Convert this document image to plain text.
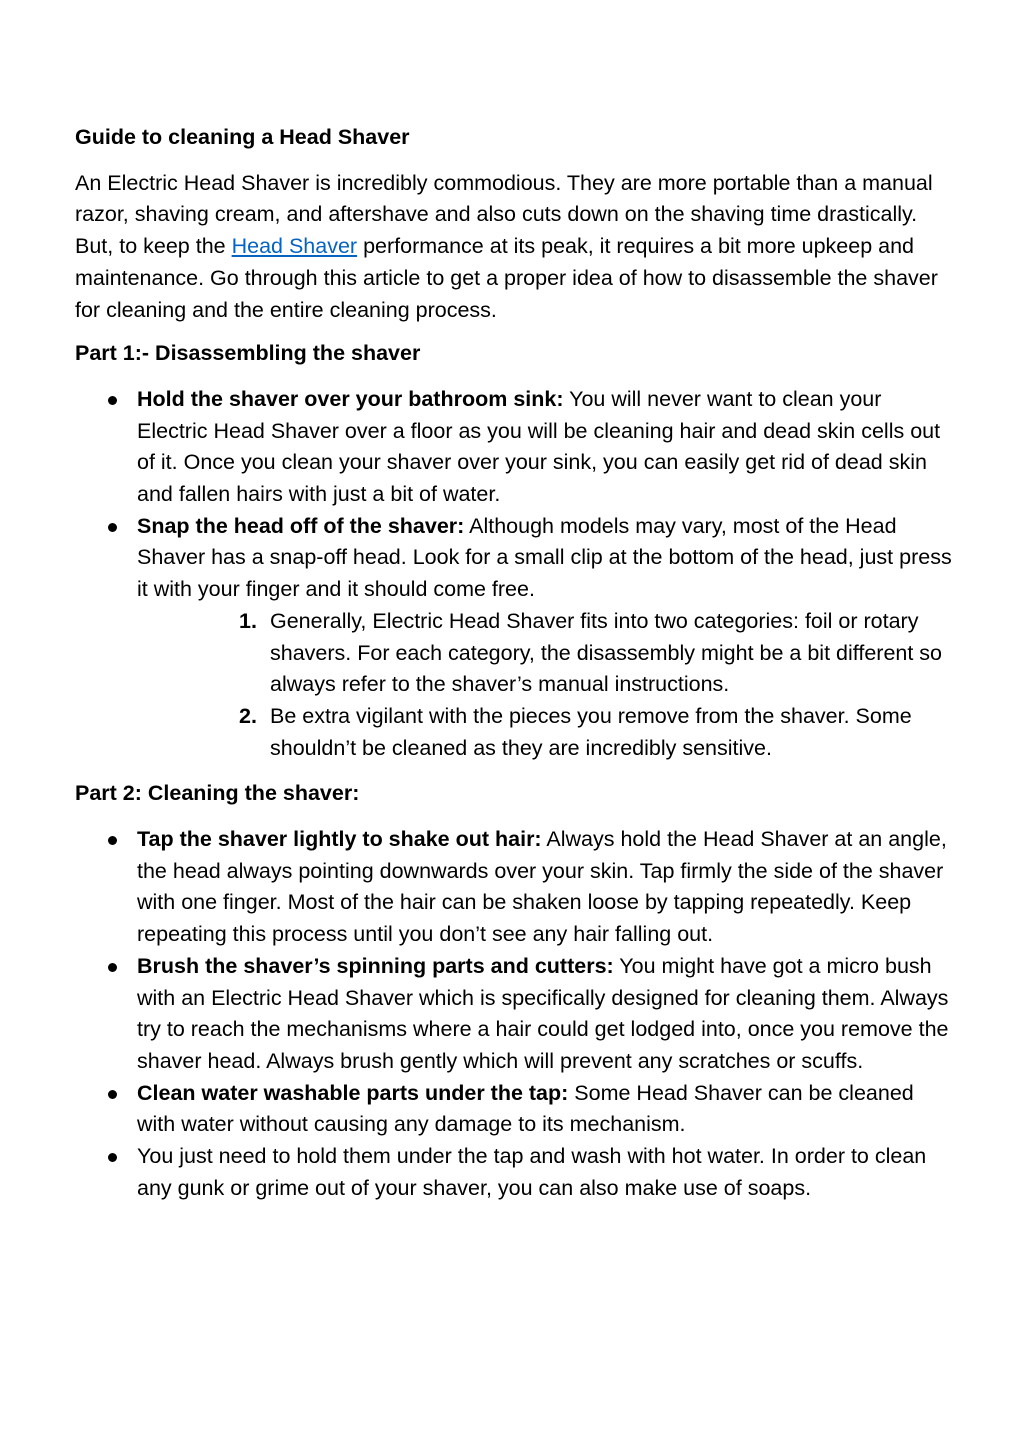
Guide to cleaning a Head Shaver

An Electric Head Shaver is incredibly commodious. They are more portable than a manual razor, shaving cream, and aftershave and also cuts down on the shaving time drastically. But, to keep the Head Shaver performance at its peak, it requires a bit more upkeep and maintenance. Go through this article to get a proper idea of how to disassemble the shaver for cleaning and the entire cleaning process.

Part 1:- Disassembling the shaver
Hold the shaver over your bathroom sink: You will never want to clean your Electric Head Shaver over a floor as you will be cleaning hair and dead skin cells out of it. Once you clean your shaver over your sink, you can easily get rid of dead skin and fallen hairs with just a bit of water.
Snap the head off of the shaver: Although models may vary, most of the Head Shaver has a snap-off head. Look for a small clip at the bottom of the head, just press it with your finger and it should come free.
1. Generally, Electric Head Shaver fits into two categories: foil or rotary shavers. For each category, the disassembly might be a bit different so always refer to the shaver’s manual instructions.
2. Be extra vigilant with the pieces you remove from the shaver. Some shouldn’t be cleaned as they are incredibly sensitive.
Part 2: Cleaning the shaver:
Tap the shaver lightly to shake out hair: Always hold the Head Shaver at an angle, the head always pointing downwards over your skin. Tap firmly the side of the shaver with one finger. Most of the hair can be shaken loose by tapping repeatedly. Keep repeating this process until you don’t see any hair falling out.
Brush the shaver’s spinning parts and cutters: You might have got a micro bush with an Electric Head Shaver which is specifically designed for cleaning them. Always try to reach the mechanisms where a hair could get lodged into, once you remove the shaver head. Always brush gently which will prevent any scratches or scuffs.
Clean water washable parts under the tap: Some Head Shaver can be cleaned with water without causing any damage to its mechanism.
You just need to hold them under the tap and wash with hot water. In order to clean any gunk or grime out of your shaver, you can also make use of soaps.
